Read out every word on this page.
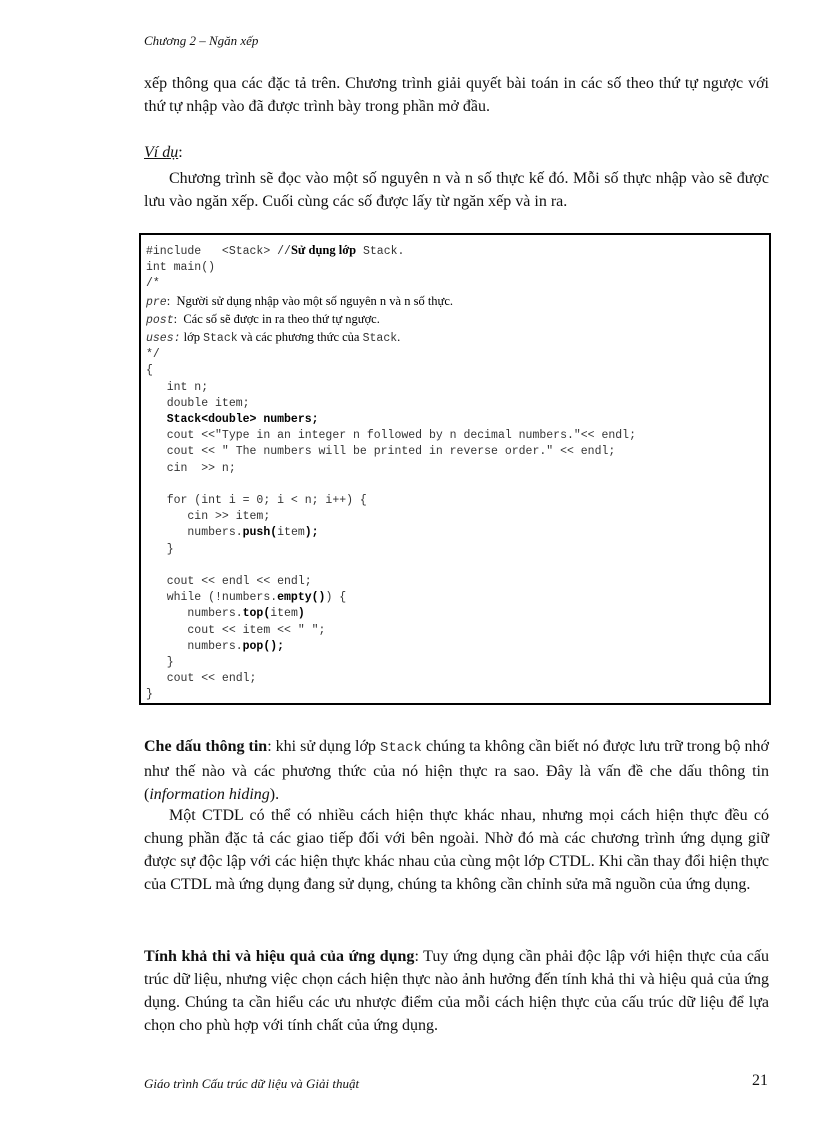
Chương 2 – Ngăn xếp

xếp thông qua các đặc tả trên. Chương trình giải quyết bài toán in các số theo thứ tự ngược với thứ tự nhập vào đã được trình bày trong phần mở đầu.

Ví dụ:

Chương trình sẽ đọc vào một số nguyên n và n số thực kế đó. Mỗi số thực nhập vào sẽ được lưu vào ngăn xếp. Cuối cùng các số được lấy từ ngăn xếp và in ra.

#include   <Stack> //Sử dụng lớp Stack.
int main()
/*
pre:  Người sử dụng nhập vào một số nguyên n và n số thực.
post:  Các số sẽ được in ra theo thứ tự ngược.
uses: lớp Stack và các phương thức của Stack.
*/
{
int n;
double item;
Stack<double> numbers;
cout <<"Type in an integer n followed by n decimal numbers."<< endl;
cout << " The numbers will be printed in reverse order." << endl;
cin  >> n;

for (int i = 0; i < n; i++) {
cin >> item;
numbers.push(item);
}

cout << endl << endl;
while (!numbers.empty()) {
numbers.top(item)
cout << item << " ";
numbers.pop();
}
cout << endl;
}

Che dấu thông tin: khi sử dụng lớp Stack chúng ta không cần biết nó được lưu trữ trong bộ nhớ như thế nào và các phương thức của nó hiện thực ra sao. Đây là vấn đề che dấu thông tin (information hiding).

Một CTDL có thể có nhiều cách hiện thực khác nhau, nhưng mọi cách hiện thực đều có chung phần đặc tả các giao tiếp đối với bên ngoài. Nhờ đó mà các chương trình ứng dụng giữ được sự độc lập với các hiện thực khác nhau của cùng một lớp CTDL. Khi cần thay đổi hiện thực của CTDL mà ứng dụng đang sử dụng, chúng ta không cần chỉnh sửa mã nguồn của ứng dụng.

Tính khả thi và hiệu quả của ứng dụng: Tuy ứng dụng cần phải độc lập với hiện thực của cấu trúc dữ liệu, nhưng việc chọn cách hiện thực nào ảnh hưởng đến tính khả thi và hiệu quả của ứng dụng. Chúng ta cần hiểu các ưu nhược điểm của mỗi cách hiện thực của cấu trúc dữ liệu để lựa chọn cho phù hợp với tính chất của ứng dụng.

Giáo trình Cấu trúc dữ liệu và Giải thuật	21
